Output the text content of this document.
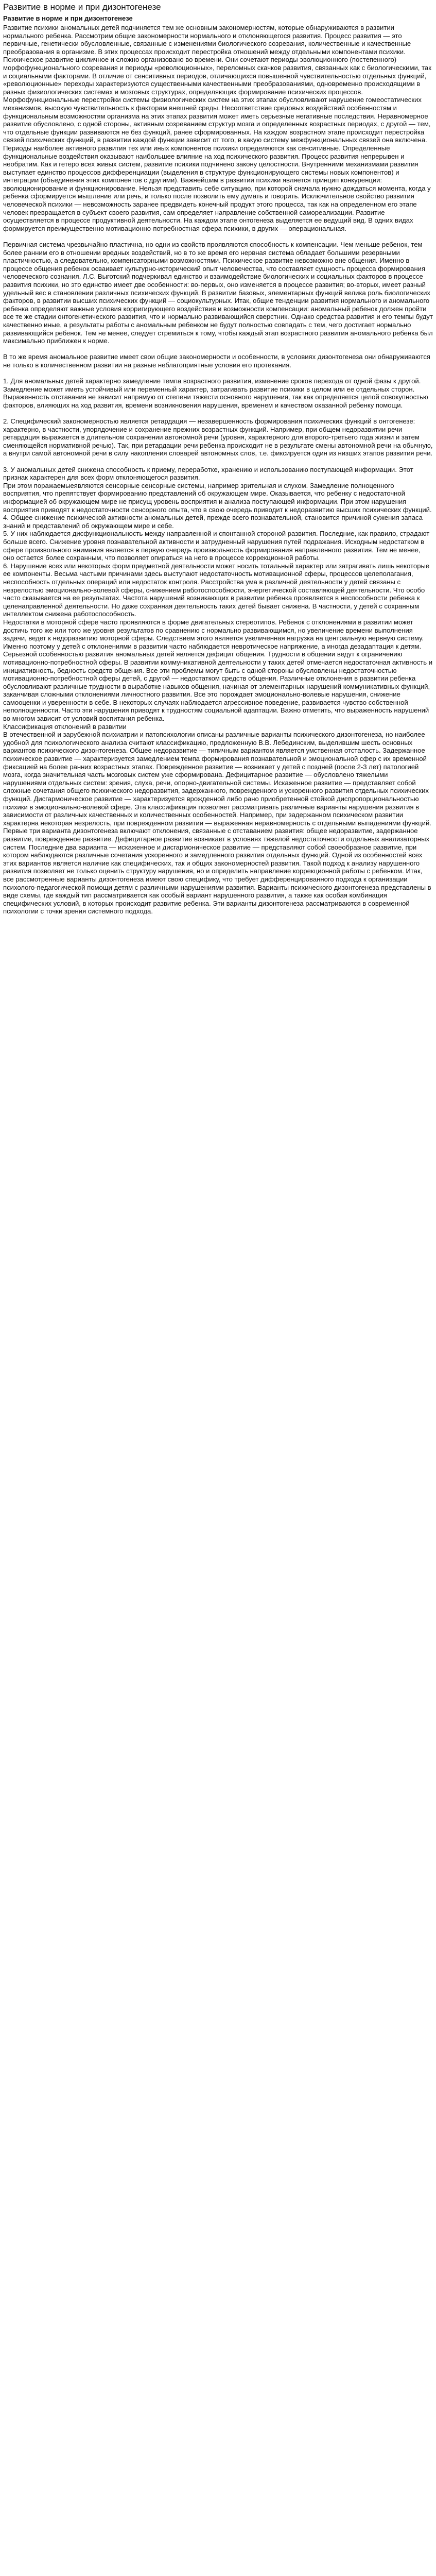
Развитие в норме и при дизонтогенезе
Развитие в норме и при дизонтогенезе

Развитие психики аномальных детей подчиняется тем же основным закономерностям, которые обнаруживаются в развитии нормального ребенка. Рассмотрим общие закономерности нормального и отклоняющегося развития. Процесс развития — это первичные, генетически обусловленные, связанные с изменениями биологического созревания, количественные и качественные преобразования в организме. В этих процессах происходит перестройка отношений между отдельными компонентами психики. Психическое развитие цикличное и сложно организовано во времени. Они сочетают периоды эволюционного (постепенного) морфофункционального созревания и периоды «революционных», переломных скачков развития, связанных как с биологическими, так и социальными факторами. В отличие от сенситивных периодов, отличающихся повышенной чувствительностью отдельных функций, «революционные» переходы характеризуются существенными качественными преобразованиями, одновременно происходящими в разных физиологических системах и мозговых структурах, определяющих формирование психических процессов. Морфофункциональные перестройки системы физиологических систем на этих этапах обусловливают нарушение гомеостатических механизмов, высокую чувствительность к факторам внешней среды. Несоответствие средовых воздействий особенностям и функциональным возможностям организма на этих этапах развития может иметь серьезные негативные последствия. Неравномерное развитие обусловлено, с одной стороны, активным созреванием структур мозга и определенных возрастных периодах, с другой — тем, что отдельные функции развиваются не без функций, ранее сформированных. На каждом возрастном этапе происходит перестройка связей психических функций, в развитии каждой функции зависит от того, в какую систему межфункциональных связей она включена. Периоды наиболее активного развития тех или иных компонентов психики определяются как сенситивные. Определенные функциональные воздействия оказывают наибольшее влияние на ход психического развития. Процесс развития непрерывен и необратим. Как и гетеро всех живых систем, развитие психики подчинено закону целостности. Внутренними механизмами развития выступает единство процессов дифференциации (выделения в структуре функционирующего системы новых компонентов) и интеграции (объединения этих компонентов с другими). Важнейшим в развитии психики является принцип конкуренции: эволюционирование и функционирование. Нельзя представить себе ситуацию, при которой сначала нужно дождаться момента, когда у ребенка сформируется мышление или речь, и только после позволить ему думать и говорить. Исключительное свойство развития человеческой психики — невозможность заранее предвидеть конечный продукт этого процесса, так как на определенном его этапе человек превращается в субъект своего развития, сам определяет направление собственной самореализации. Развитие осуществляется в процессе продуктивной деятельности. На каждом этапе онтогенеза выделяется ее ведущий вид. В одних видах формируется преимущественно мотивационно-потребностная сфера психики, в других — операциональная.

Первичная система чрезвычайно пластична, но одни из свойств проявляются способность к компенсации. Чем меньше ребенок, тем более ранним его в отношении вредных воздействий, но в то же время его нервная система обладает большими резервными пластичностью, а следовательно, компенсаторными возможностями. Психическое развитие невозможно вне общения. Именно в процессе общения ребенок осваивает культурно-исторический опыт человечества, что составляет сущность процесса формирования человеческого сознания. Л.С. Выготский подчеркивал единство и взаимодействие биологических и социальных факторов в процессе развития психики, но это единство имеет две особенности: во-первых, оно изменяется в процессе развития; во-вторых, имеет разный удельный вес в становлении различных психических функций. В развитии базовых, элементарных функций велика роль биологических факторов, в развитии высших психических функций — социокультурных. Итак, общие тенденции развития нормального и аномального ребенка определяют важные условия корригирующего воздействия и возможности компенсации: аномальный ребенок должен пройти все те же стадии онтогенетического развития, что и нормально развивающийся сверстник. Однако средства развития и его темпы будут качественно иные, а результаты работы с аномальным ребенком не будут полностью совпадать с тем, чего достигает нормально развивающийся ребенок. Тем не менее, следует стремиться к тому, чтобы каждый этап возрастного развития аномального ребенка был максимально приближен к норме.

В то же время аномальное развитие имеет свои общие закономерности и особенности, в условиях дизонтогенеза они обнаруживаются не только в количественном развитии на разные неблагоприятные условия его протекания.

1. Для аномальных детей характерно замедление темпа возрастного развития, изменение сроков перехода от одной фазы к другой. Замедление может иметь устойчивый или переменный характер, затрагивать развитие психики в целом или ее отдельных сторон. Выраженность отставания не зависит напрямую от степени тяжести основного нарушения, так как определяется целой совокупностью факторов, влияющих на ход развития, времени возникновения нарушения, временем и качеством оказанной ребенку помощи.

2. Специфический закономерностью является ретардация — незавершенность формирования психических функций в онтогенезе: характерно, в частности, упорядочение и сохранение прежних возрастных функций. Например, при общем недоразвитии речи ретардация выражается в длительном сохранении автономной речи (уровня, характерного для второго-третьего года жизни и затем сменяющейся нормативной речью). Так, при ретардации речи ребенка происходит не в результате смены автономной речи на обычную, а внутри самой автономной речи в силу накопления словарей автономных слов, т.е. фиксируется один из низших этапов развития речи.

3. У аномальных детей снижена способность к приему, переработке, хранению и использованию поступающей информации. Этот признак характерен для всех форм отклоняющегося развития.

При этом поражаемыеявляются сенсорные сенсорные системы, например зрительная и слухом. Замедление полноценного восприятия, что препятствует формированию представлений об окружающем мире. Оказывается, что ребенку с недостаточной информацией об окружающем мире не присущ уровень восприятия и анализа поступающей информации. При этом нарушения восприятия приводят к недостаточности сенсорного опыта, что в свою очередь приводит к недоразвитию высших психических функций.

4. Общее снижение психической активности аномальных детей, прежде всего познавательной, становится причиной сужения запаса знаний и представлений об окружающем мире и себе.

5. У них наблюдается дисфункциональность между направленной и спонтанной стороной развития. Последние, как правило, страдают больше всего. Снижение уровня познавательной активности и затрудненный нарушения путей подражания. Исходным недостатком в сфере произвольного внимания является в первую очередь произвольность формирования направленного развития. Тем не менее, оно остается более сохранным, что позволяет опираться на него в процессе коррекционной работы.

6. Нарушение всех или некоторых форм предметной деятельности может носить тотальный характер или затрагивать лишь некоторые ее компоненты. Весьма частыми причинами здесь выступают недостаточность мотивационной сферы, процессов целеполагания, неспособность отдельных операций или недостаток контроля. Расстройства ума в различной деятельности у детей связаны с незрелостью эмоционально-волевой сферы, снижением работоспособности, энергетической составляющей деятельности. Что особо часто сказывается на ее результатах. Частота нарушений возникающих в развитии ребенка проявляется в неспособности ребенка к целенаправленной деятельности. Но даже сохранная деятельность таких детей бывает снижена. В частности, у детей с сохранным интеллектом снижена работоспособность.

Недостатки в моторной сфере часто проявляются в форме двигательных стереотипов. Ребенок с отклонениями в развитии может достичь того же или того же уровня результатов по сравнению с нормально развивающимся, но увеличение времени выполнения задачи, ведет к недоразвитию моторной сферы. Следствием этого является увеличенная нагрузка на центральную нервную систему. Именно поэтому у детей с отклонениями в развитии часто наблюдается невротическое напряжение, а иногда дезадаптация к детям. Серьезной особенностью развития аномальных детей является дефицит общения. Трудности в общении ведут к ограничению мотивационно-потребностной сферы. В развитии коммуникативной деятельности у таких детей отмечается недостаточная активность и инициативность, бедность средств общения. Все эти проблемы могут быть с одной стороны обусловлены недостаточностью мотивационно-потребностной сферы детей, с другой — недостатком средств общения. Различные отклонения в развитии ребенка обусловливают различные трудности в выработке навыков общения, начиная от элементарных нарушений коммуникативных функций, заканчивая сложными отклонениями личностного развития. Все это порождает эмоционально-волевые нарушения, снижение самооценки и уверенности в себе. В некоторых случаях наблюдается агрессивное поведение, развивается чувство собственной неполноценности. Часто эти нарушения приводят к трудностям социальной адаптации. Важно отметить, что выраженность нарушений во многом зависит от условий воспитания ребенка.

Классификация отклонений в развитии

В отечественной и зарубежной психиатрии и патопсихологии описаны различные варианты психического дизонтогенеза, но наиболее удобной для психологического анализа считают классификацию, предложенную В.В. Лебединским, выделившим шесть основных вариантов психического дизонтогенеза. Общее недоразвитие — типичным вариантом является умственная отсталость. Задержанное психическое развитие — характеризуется замедлением темпа формирования познавательной и эмоциональной сфер с их временной фиксацией на более ранних возрастных этапах. Поврежденное развитие — возникает у детей с поздней (после 2-3 лет) патологией мозга, когда значительная часть мозговых систем уже сформирована. Дефицитарное развитие — обусловлено тяжелыми нарушениями отдельных систем: зрения, слуха, речи, опорно-двигательной системы. Искаженное развитие — представляет собой сложные сочетания общего психического недоразвития, задержанного, поврежденного и ускоренного развития отдельных психических функций. Дисгармоническое развитие — характеризуется врожденной либо рано приобретенной стойкой диспропорциональностью психики в эмоционально-волевой сфере. Эта классификация позволяет рассматривать различные варианты нарушения развития в зависимости от различных качественных и количественных особенностей. Например, при задержанном психическом развитии характерна некоторая незрелость, при поврежденном развитии — выраженная неравномерность с отдельными выпадениями функций. Первые три варианта дизонтогенеза включают отклонения, связанные с отставанием развития: общее недоразвитие, задержанное развитие, поврежденное развитие. Дефицитарное развитие возникает в условиях тяжелой недостаточности отдельных анализаторных систем. Последние два варианта — искаженное и дисгармоническое развитие — представляют собой своеобразное развитие, при котором наблюдаются различные сочетания ускоренного и замедленного развития отдельных функций. Одной из особенностей всех этих вариантов является наличие как специфических, так и общих закономерностей развития. Такой подход к анализу нарушенного развития позволяет не только оценить структуру нарушения, но и определить направление коррекционной работы с ребенком. Итак, все рассмотренные варианты дизонтогенеза имеют свою специфику, что требует дифференцированного подхода к организации психолого-педагогической помощи детям с различными нарушениями развития. Варианты психического дизонтогенеза представлены в виде схемы, где каждый тип рассматривается как особый вариант нарушенного развития, а также как особая комбинация специфических условий, в которых происходит развитие ребенка. Эти варианты дизонтогенеза рассматриваются в современной психологии с точки зрения системного подхода.
